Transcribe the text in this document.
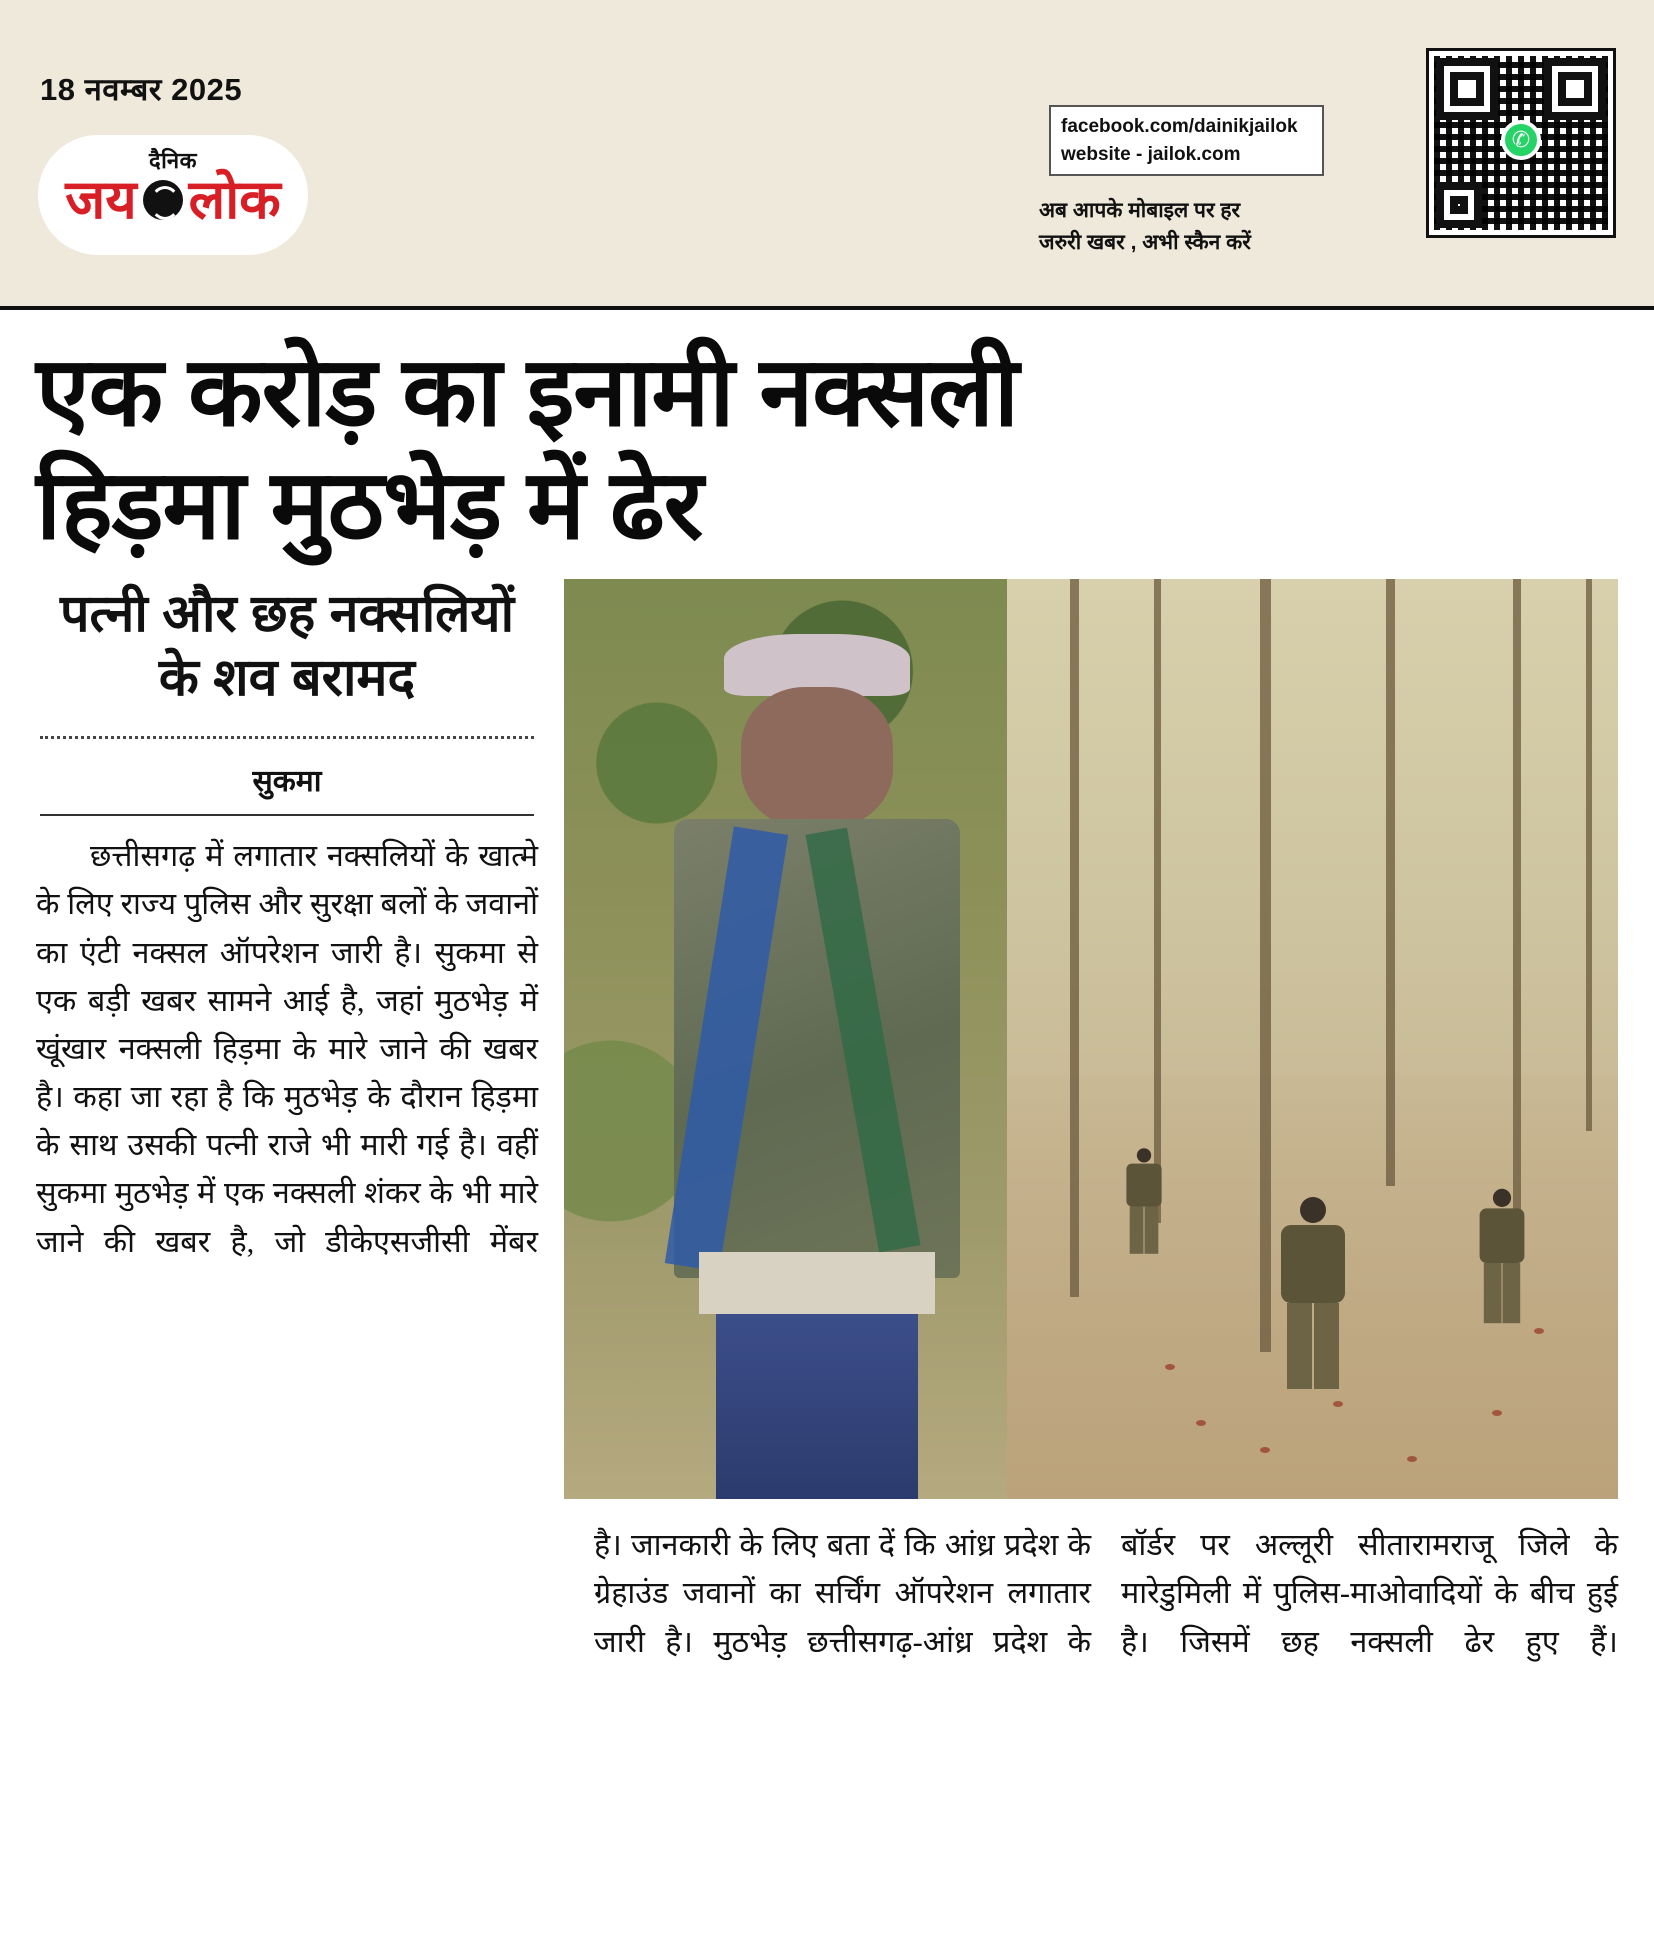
18 नवम्बर 2025
दैनिक
जय लोक
facebook.com/dainikjailok
website - jailok.com
अब आपके मोबाइल पर हर
जरुरी खबर , अभी स्कैन करें
✆
एक करोड़ का इनामी नक्सली
हिड़मा मुठभेड़ में ढेर
पत्नी और छह नक्सलियों के शव बरामद
सुकमा
छत्तीसगढ़ में लगातार नक्सलियों के खात्मे के लिए राज्य पुलिस और सुरक्षा बलों के जवानों का एंटी नक्सल ऑपरेशन जारी है। सुकमा से एक बड़ी खबर सामने आई है, जहां मुठभेड़ में खूंखार नक्सली हिड़मा के मारे जाने की खबर है। कहा जा रहा है कि मुठभेड़ के दौरान हिड़मा के साथ उसकी पत्नी राजे भी मारी गई है। वहीं सुकमा मुठभेड़ में एक नक्सली शंकर के भी मारे जाने की खबर है, जो डीकेएसजीसी मेंबर
है। जानकारी के लिए बता दें कि आंध्र प्रदेश के ग्रेहाउंड जवानों का सर्चिंग ऑपरेशन लगातार जारी है। मुठभेड़ छत्तीसगढ़-आंध्र प्रदेश के
बॉर्डर पर अल्लूरी सीतारामराजू जिले के मारेडुमिली में पुलिस-माओवादियों के बीच हुई है। जिसमें छह नक्सली ढेर हुए हैं।
